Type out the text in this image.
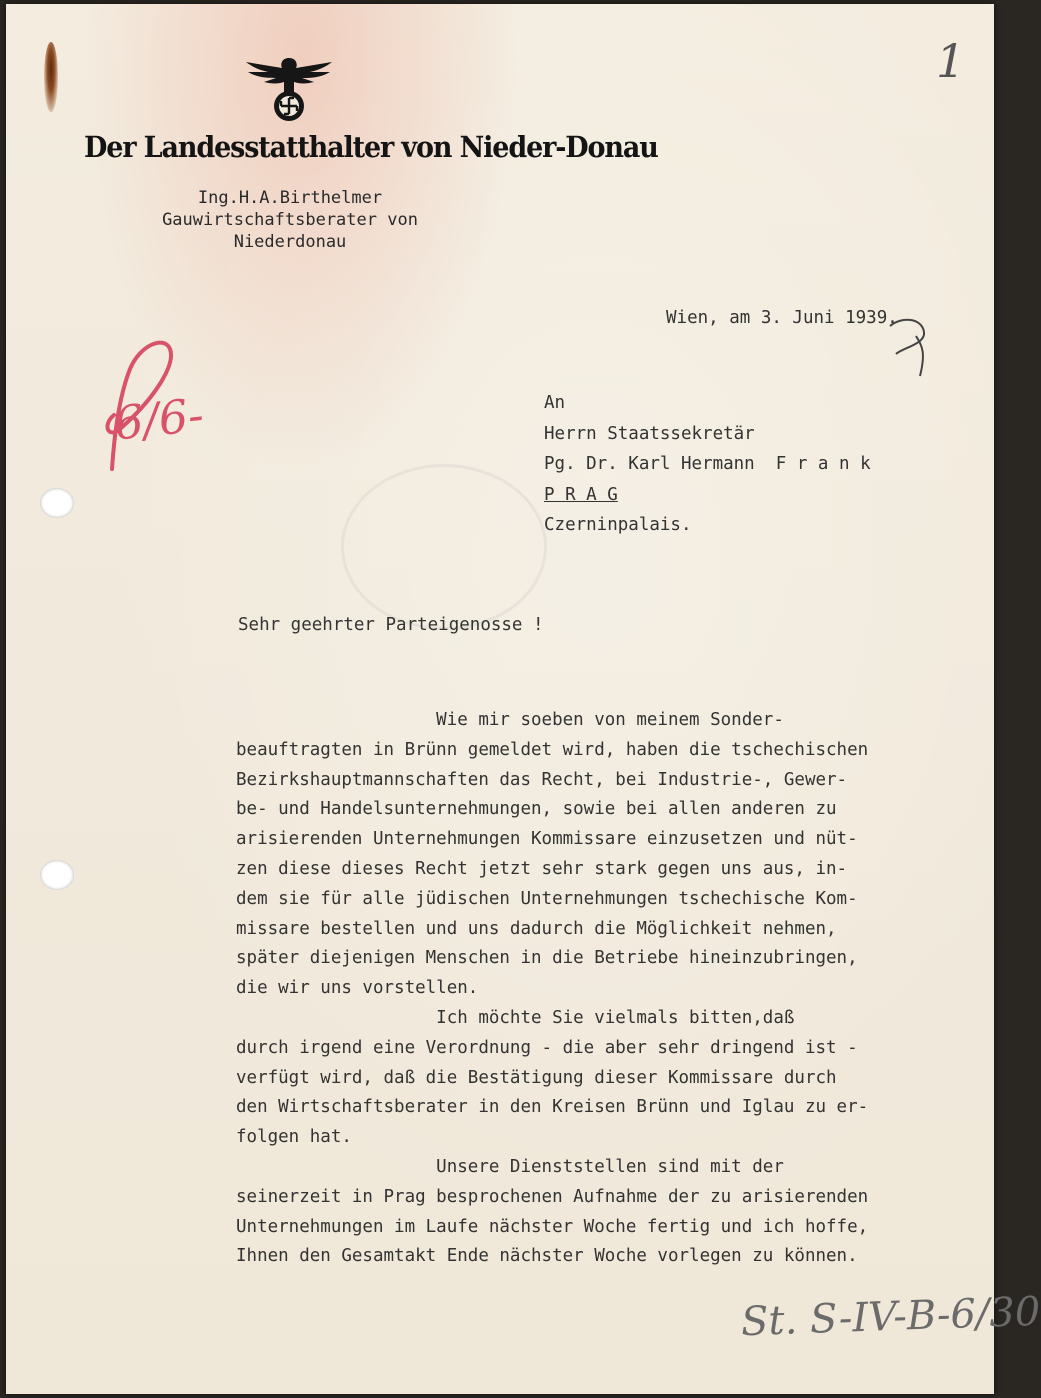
Der Landesstatthalter von Nieder-Donau
Ing.H.A.Birthelmer
Gauwirtschaftsberater von
Niederdonau
Wien, am 3. Juni 1939.
An
Herrn Staatssekretär
Pg. Dr. Karl Hermann  F r a n k
P R A G
Czerninpalais.
Sehr geehrter Parteigenosse !
Wie mir soeben von meinem Sonder-
beauftragten in Brünn gemeldet wird, haben die tschechischen
Bezirkshauptmannschaften das Recht, bei Industrie-, Gewer-
be- und Handelsunternehmungen, sowie bei allen anderen zu
arisierenden Unternehmungen Kommissare einzusetzen und nüt-
zen diese dieses Recht jetzt sehr stark gegen uns aus, in-
dem sie für alle jüdischen Unternehmungen tschechische Kom-
missare bestellen und uns dadurch die Möglichkeit nehmen,
später diejenigen Menschen in die Betriebe hineinzubringen,
die wir uns vorstellen.
Ich möchte Sie vielmals bitten,daß
durch irgend eine Verordnung - die aber sehr dringend ist -
verfügt wird, daß die Bestätigung dieser Kommissare durch
den Wirtschaftsberater in den Kreisen Brünn und Iglau zu er-
folgen hat.
Unsere Dienststellen sind mit der
seinerzeit in Prag besprochenen Aufnahme der zu arisierenden
Unternehmungen im Laufe nächster Woche fertig und ich hoffe,
Ihnen den Gesamtakt Ende nächster Woche vorlegen zu können.
6/6-
1
St. S-IV-B-6/30
